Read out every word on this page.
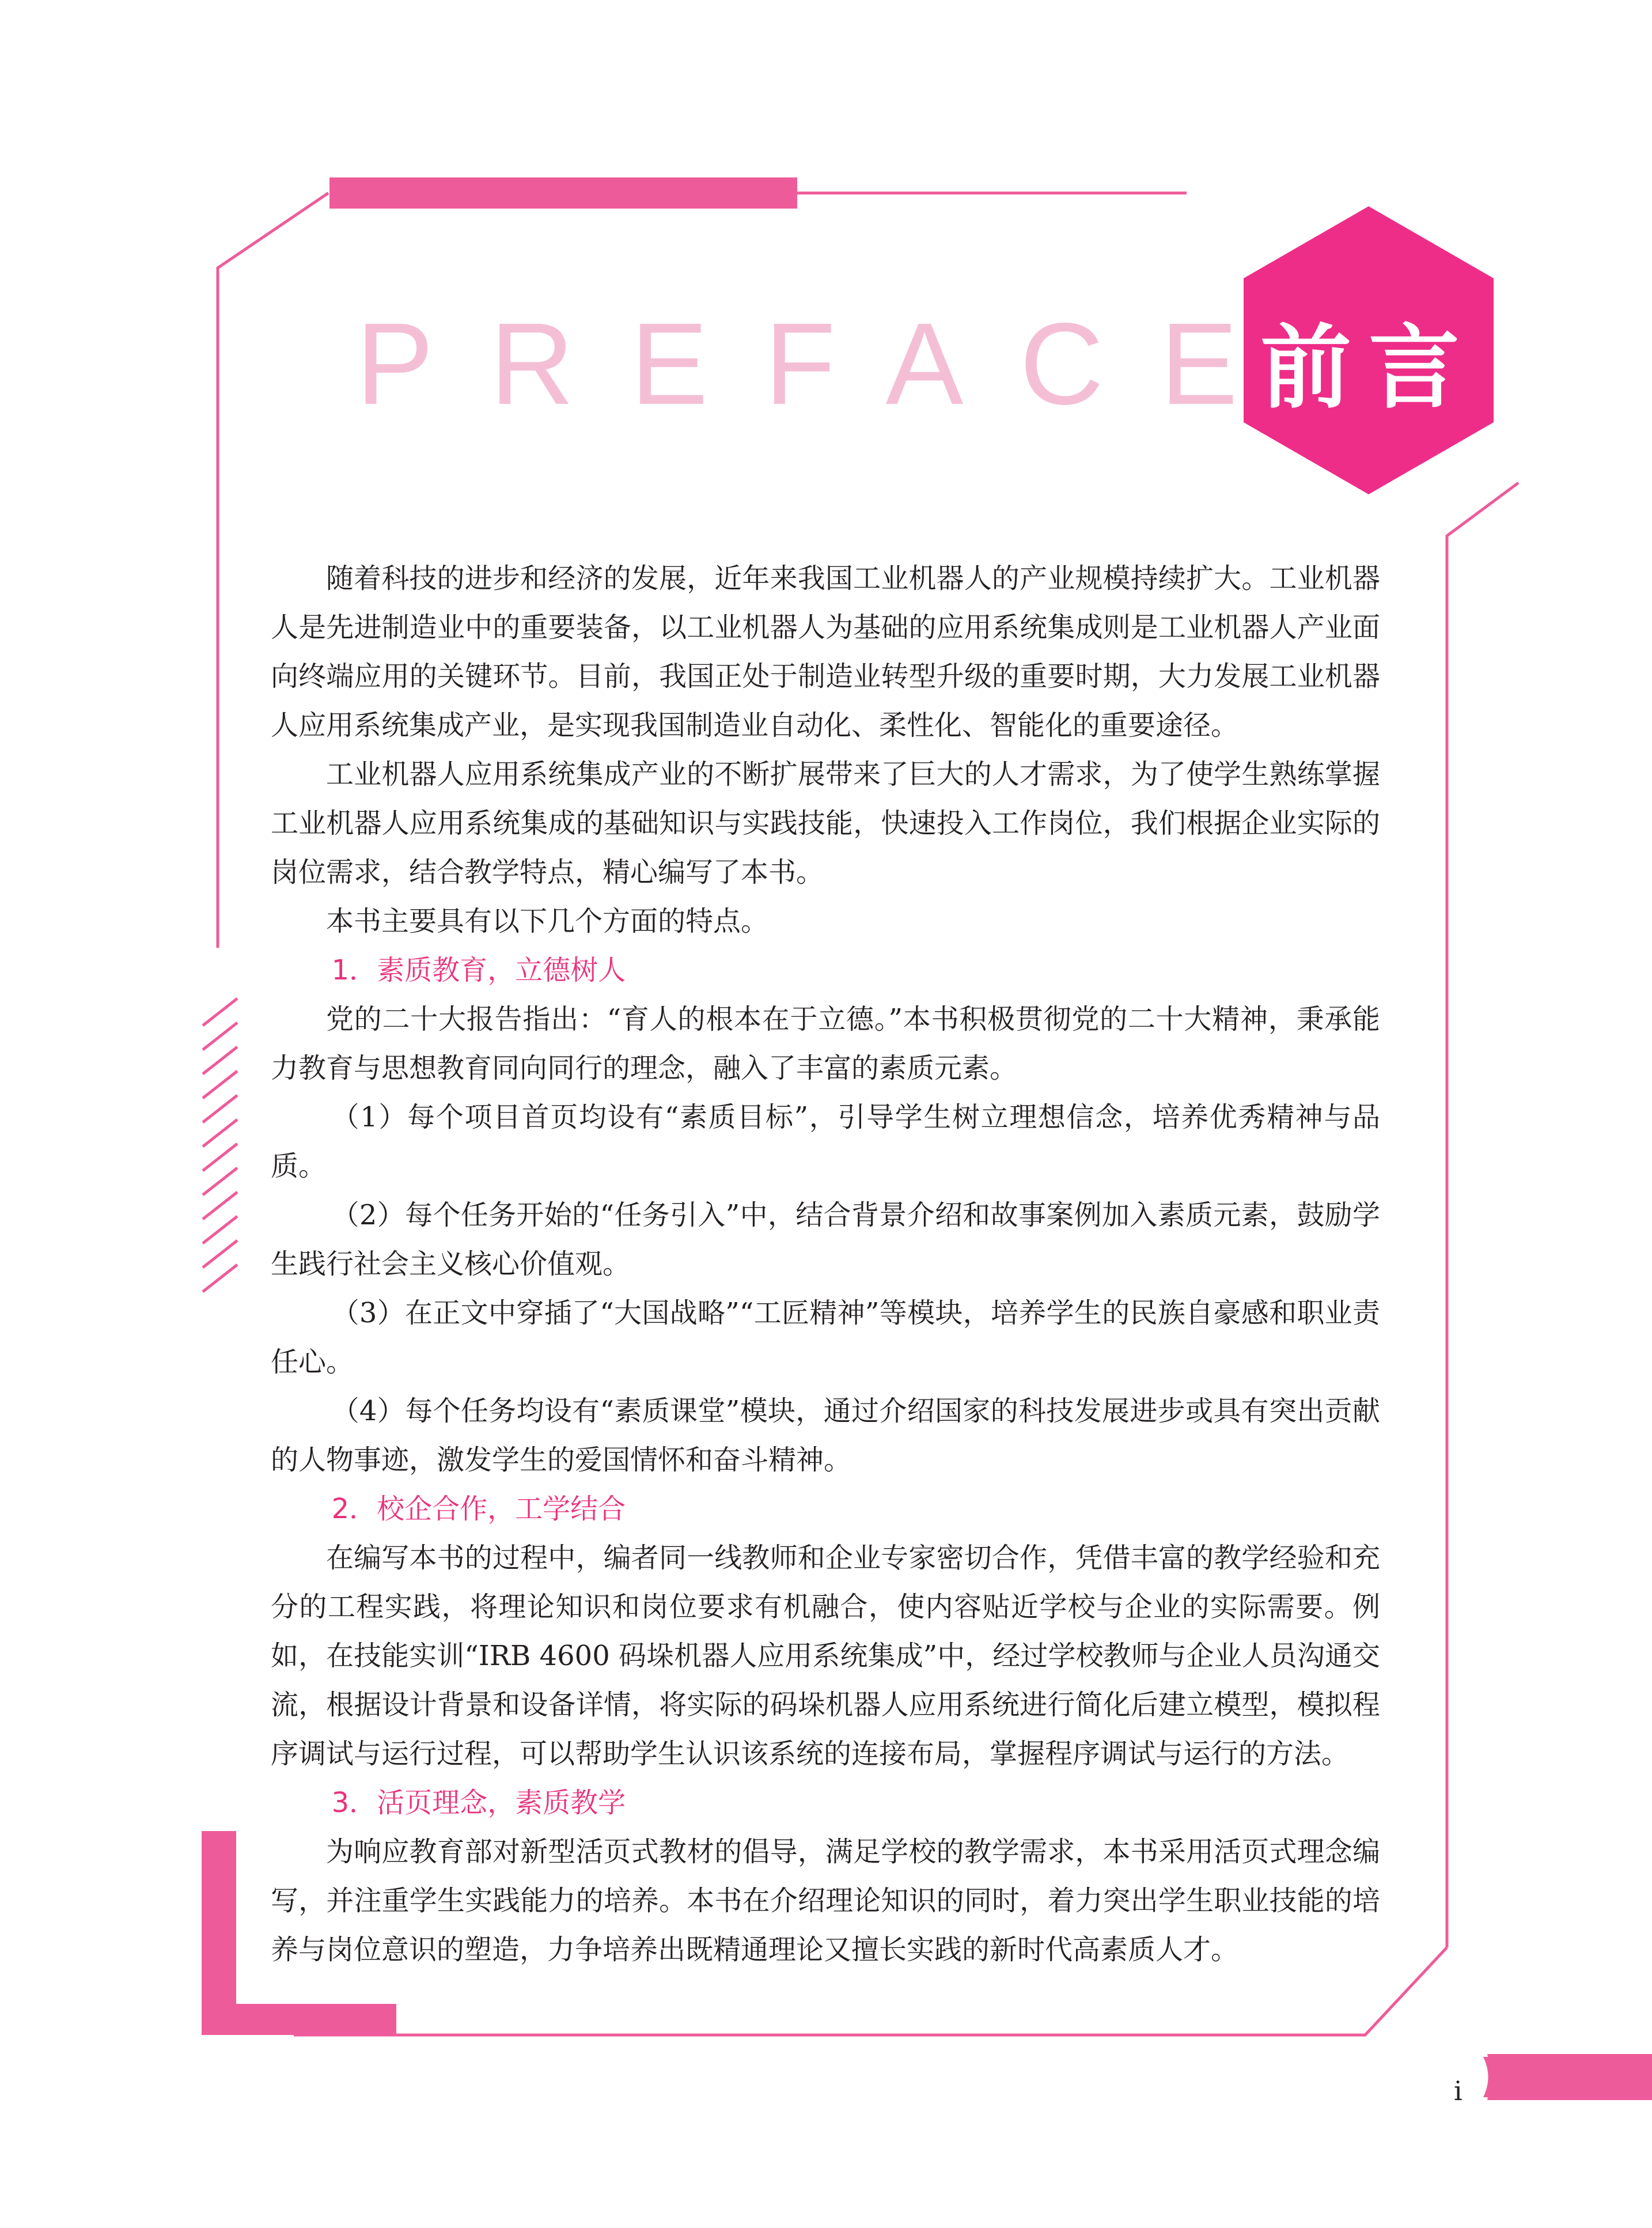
PREFACE
前言

随着科技的进步和经济的发展，近年来我国工业机器人的产业规模持续扩大。工业机器人是先进制造业中的重要装备，以工业机器人为基础的应用系统集成则是工业机器人产业面向终端应用的关键环节。目前，我国正处于制造业转型升级的重要时期，大力发展工业机器人应用系统集成产业，是实现我国制造业自动化、柔性化、智能化的重要途径。

工业机器人应用系统集成产业的不断扩展带来了巨大的人才需求，为了使学生熟练掌握工业机器人应用系统集成的基础知识与实践技能，快速投入工作岗位，我们根据企业实际的岗位需求，结合教学特点，精心编写了本书。

本书主要具有以下几个方面的特点。

1．素质教育，立德树人

党的二十大报告指出：“育人的根本在于立德。”本书积极贯彻党的二十大精神，秉承能力教育与思想教育同向同行的理念，融入了丰富的素质元素。

（1）每个项目首页均设有“素质目标”，引导学生树立理想信念，培养优秀精神与品质。

（2）每个任务开始的“任务引入”中，结合背景介绍和故事案例加入素质元素，鼓励学生践行社会主义核心价值观。

（3）在正文中穿插了“大国战略”“工匠精神”等模块，培养学生的民族自豪感和职业责任心。

（4）每个任务均设有“素质课堂”模块，通过介绍国家的科技发展进步或具有突出贡献的人物事迹，激发学生的爱国情怀和奋斗精神。

2．校企合作，工学结合

在编写本书的过程中，编者同一线教师和企业专家密切合作，凭借丰富的教学经验和充分的工程实践，将理论知识和岗位要求有机融合，使内容贴近学校与企业的实际需要。例如，在技能实训“IRB 4600 码垛机器人应用系统集成”中，经过学校教师与企业人员沟通交流，根据设计背景和设备详情，将实际的码垛机器人应用系统进行简化后建立模型，模拟程序调试与运行过程，可以帮助学生认识该系统的连接布局，掌握程序调试与运行的方法。

3．活页理念，素质教学

为响应教育部对新型活页式教材的倡导，满足学校的教学需求，本书采用活页式理念编写，并注重学生实践能力的培养。本书在介绍理论知识的同时，着力突出学生职业技能的培养与岗位意识的塑造，力争培养出既精通理论又擅长实践的新时代高素质人才。

i
